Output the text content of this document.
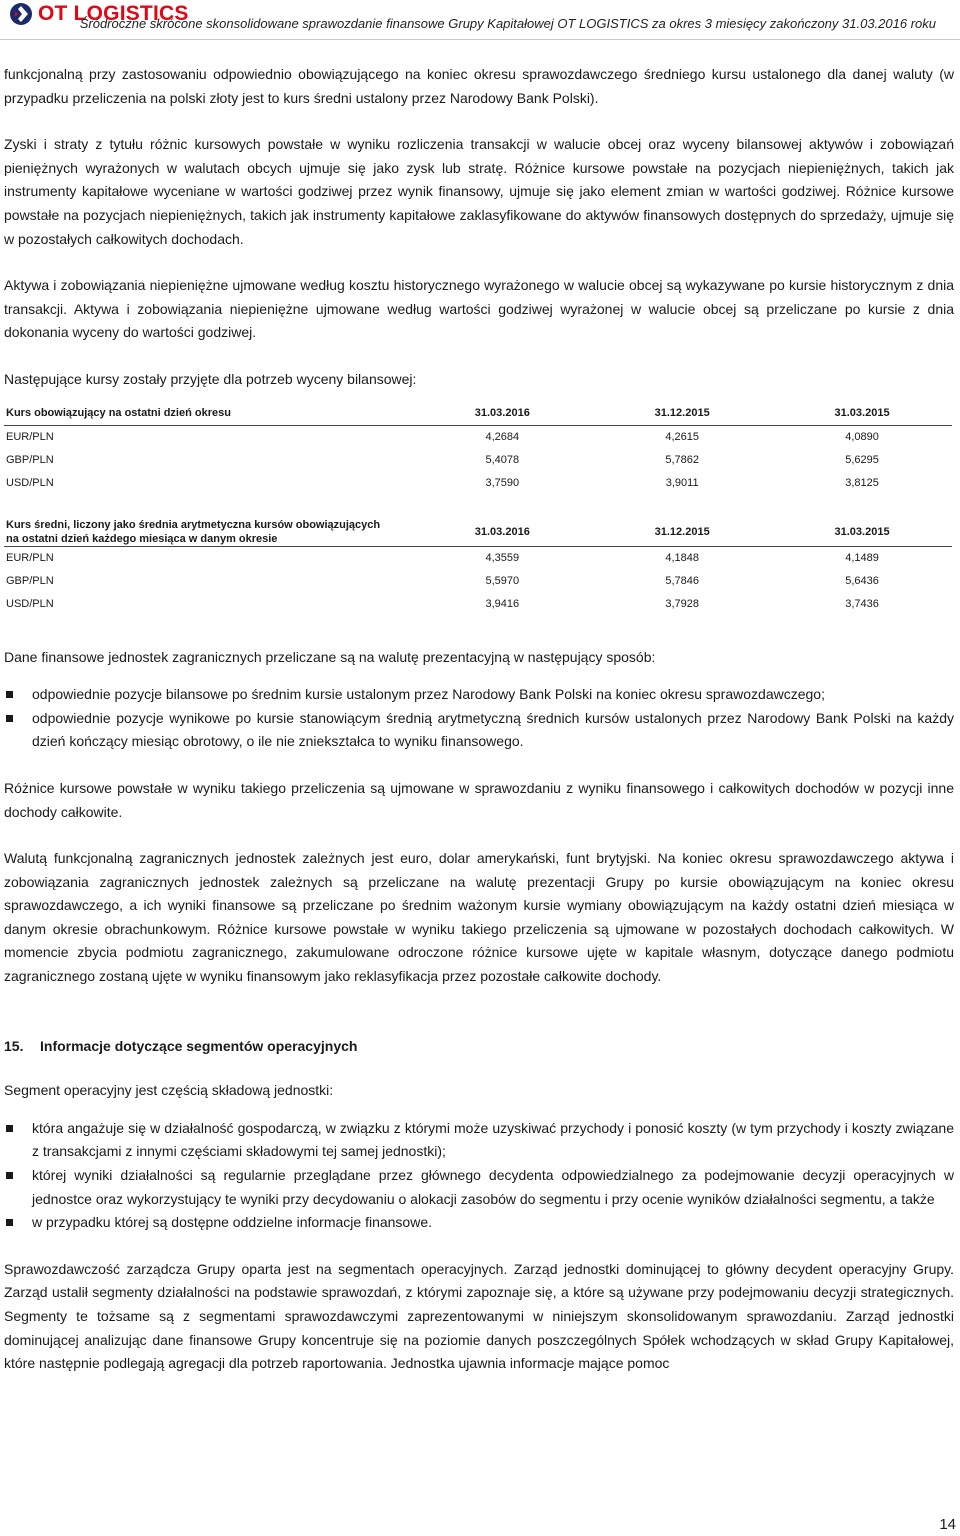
OT LOGISTICS
Śródroczne skrócone skonsolidowane sprawozdanie finansowe Grupy Kapitałowej OT LOGISTICS za okres 3 miesięcy zakończony 31.03.2016 roku

funkcjonalną przy zastosowaniu odpowiednio obowiązującego na koniec okresu sprawozdawczego średniego kursu ustalonego dla danej waluty (w przypadku przeliczenia na polski złoty jest to kurs średni ustalony przez Narodowy Bank Polski).

Zyski i straty z tytułu różnic kursowych powstałe w wyniku rozliczenia transakcji w walucie obcej oraz wyceny bilansowej aktywów i zobowiązań pieniężnych wyrażonych w walutach obcych ujmuje się jako zysk lub stratę. Różnice kursowe powstałe na pozycjach niepieniężnych, takich jak instrumenty kapitałowe wyceniane w wartości godziwej przez wynik finansowy, ujmuje się jako element zmian w wartości godziwej. Różnice kursowe powstałe na pozycjach niepieniężnych, takich jak instrumenty kapitałowe zaklasyfikowane do aktywów finansowych dostępnych do sprzedaży, ujmuje się w pozostałych całkowitych dochodach.

Aktywa i zobowiązania niepieniężne ujmowane według kosztu historycznego wyrażonego w walucie obcej są wykazywane po kursie historycznym z dnia transakcji. Aktywa i zobowiązania niepieniężne ujmowane według wartości godziwej wyrażonej w walucie obcej są przeliczane po kursie z dnia dokonania wyceny do wartości godziwej.

Następujące kursy zostały przyjęte dla potrzeb wyceny bilansowej:

Kurs obowiązujący na ostatni dzień okresu	31.03.2016	31.12.2015	31.03.2015
EUR/PLN	4,2684	4,2615	4,0890
GBP/PLN	5,4078	5,7862	5,6295
USD/PLN	3,7590	3,9011	3,8125

Kurs średni, liczony jako średnia arytmetyczna kursów obowiązujących
na ostatni dzień każdego miesiąca w danym okresie	31.03.2016	31.12.2015	31.03.2015
EUR/PLN	4,3559	4,1848	4,1489
GBP/PLN	5,5970	5,7846	5,6436
USD/PLN	3,9416	3,7928	3,7436

Dane finansowe jednostek zagranicznych przeliczane są na walutę prezentacyjną w następujący sposób:

odpowiednie pozycje bilansowe po średnim kursie ustalonym przez Narodowy Bank Polski na koniec okresu sprawozdawczego;
odpowiednie pozycje wynikowe po kursie stanowiącym średnią arytmetyczną średnich kursów ustalonych przez Narodowy Bank Polski na każdy dzień kończący miesiąc obrotowy, o ile nie zniekształca to wyniku finansowego.

Różnice kursowe powstałe w wyniku takiego przeliczenia są ujmowane w sprawozdaniu z wyniku finansowego i całkowitych dochodów w pozycji inne dochody całkowite.

Walutą funkcjonalną zagranicznych jednostek zależnych jest euro, dolar amerykański, funt brytyjski. Na koniec okresu sprawozdawczego aktywa i zobowiązania zagranicznych jednostek zależnych są przeliczane na walutę prezentacji Grupy po kursie obowiązującym na koniec okresu sprawozdawczego, a ich wyniki finansowe są przeliczane po średnim ważonym kursie wymiany obowiązującym na każdy ostatni dzień miesiąca w danym okresie obrachunkowym. Różnice kursowe powstałe w wyniku takiego przeliczenia są ujmowane w pozostałych dochodach całkowitych. W momencie zbycia podmiotu zagranicznego, zakumulowane odroczone różnice kursowe ujęte w kapitale własnym, dotyczące danego podmiotu zagranicznego zostaną ujęte w wyniku finansowym jako reklasyfikacja przez pozostałe całkowite dochody.

15. Informacje dotyczące segmentów operacyjnych

Segment operacyjny jest częścią składową jednostki:

która angażuje się w działalność gospodarczą, w związku z którymi może uzyskiwać przychody i ponosić koszty (w tym przychody i koszty związane z transakcjami z innymi częściami składowymi tej samej jednostki);
której wyniki działalności są regularnie przeglądane przez głównego decydenta odpowiedzialnego za podejmowanie decyzji operacyjnych w jednostce oraz wykorzystujący te wyniki przy decydowaniu o alokacji zasobów do segmentu i przy ocenie wyników działalności segmentu, a także
w przypadku której są dostępne oddzielne informacje finansowe.

Sprawozdawczość zarządcza Grupy oparta jest na segmentach operacyjnych. Zarząd jednostki dominującej to główny decydent operacyjny Grupy. Zarząd ustalił segmenty działalności na podstawie sprawozdań, z którymi zapoznaje się, a które są używane przy podejmowaniu decyzji strategicznych. Segmenty te tożsame są z segmentami sprawozdawczymi zaprezentowanymi w niniejszym skonsolidowanym sprawozdaniu. Zarząd jednostki dominującej analizując dane finansowe Grupy koncentruje się na poziomie danych poszczególnych Spółek wchodzących w skład Grupy Kapitałowej, które następnie podlegają agregacji dla potrzeb raportowania. Jednostka ujawnia informacje mające pomoc

14
